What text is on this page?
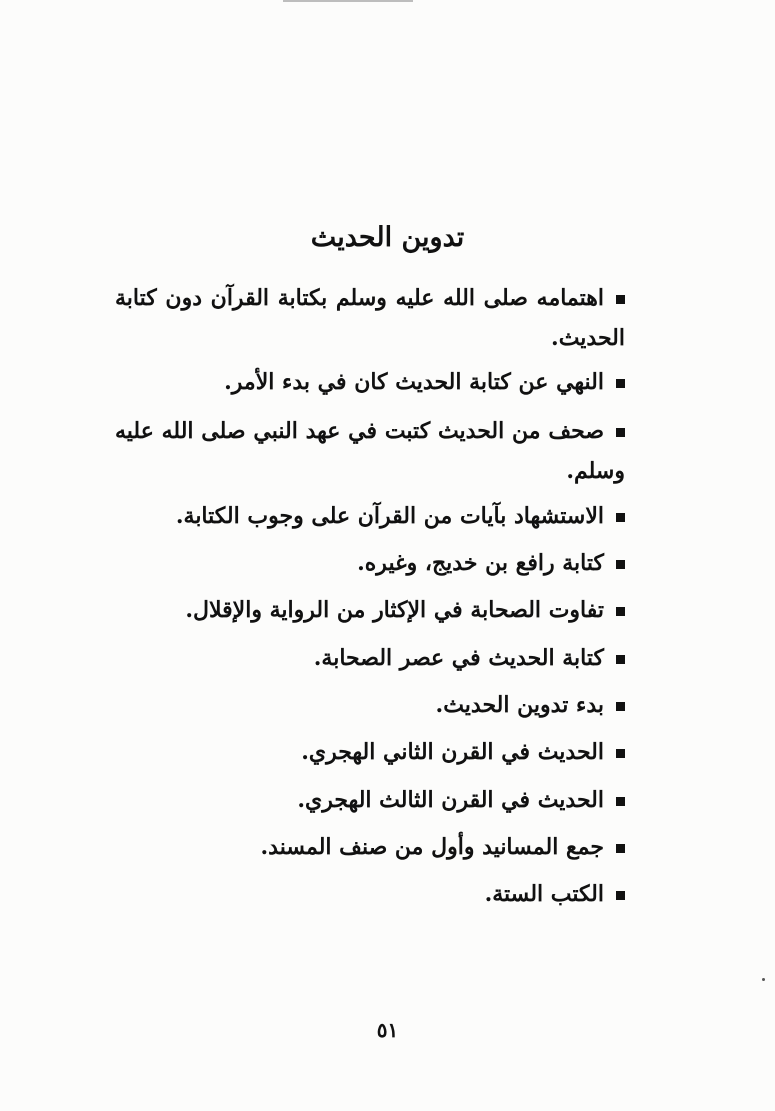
تدوين الحديث
اهتمامه صلى الله عليه وسلم بكتابة القرآن دون كتابة الحديث.
النهي عن كتابة الحديث كان في بدء الأمر.
صحف من الحديث كتبت في عهد النبي صلى الله عليه وسلم.
الاستشهاد بآيات من القرآن على وجوب الكتابة.
كتابة رافع بن خديج، وغيره.
تفاوت الصحابة في الإكثار من الرواية والإقلال.
كتابة الحديث في عصر الصحابة.
بدء تدوين الحديث.
الحديث في القرن الثاني الهجري.
الحديث في القرن الثالث الهجري.
جمع المسانيد وأول من صنف المسند.
الكتب الستة.
٥١
